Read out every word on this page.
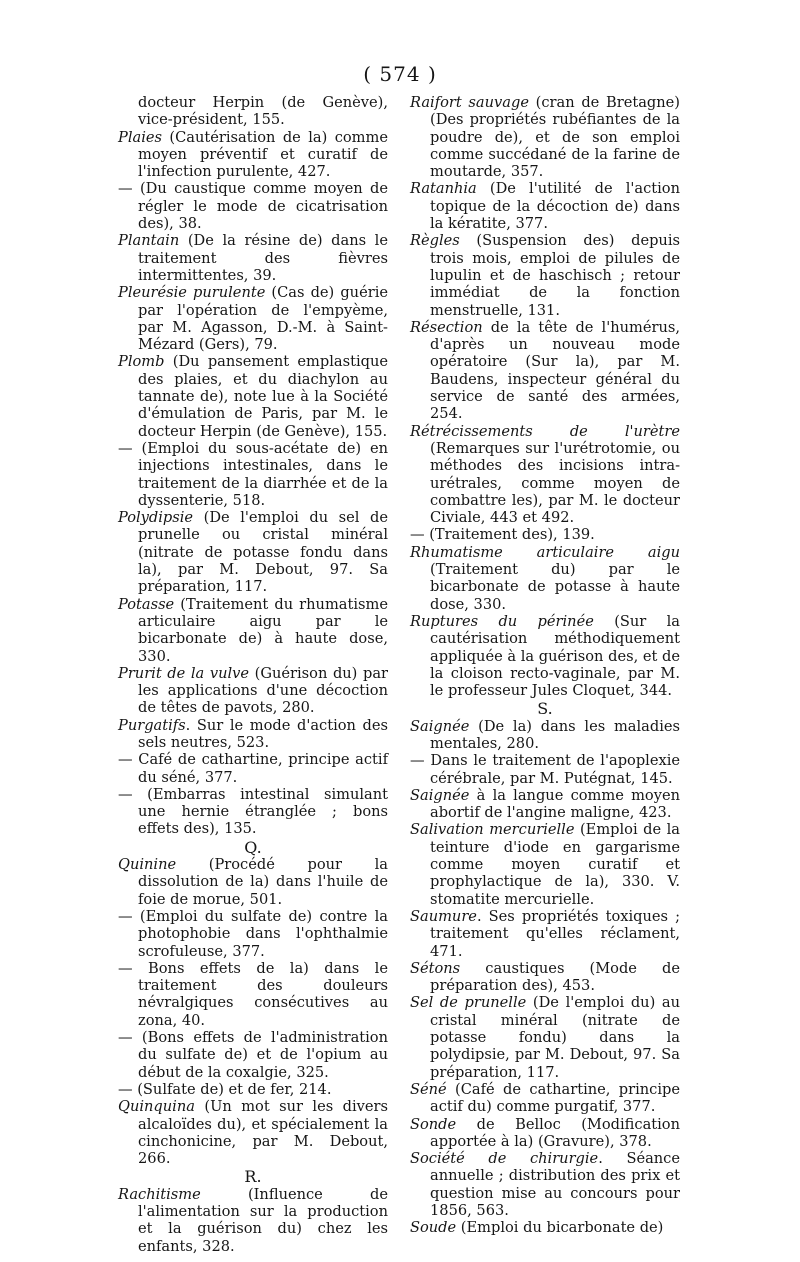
( 574 )

docteur Herpin (de Genève), vice-président, 155.

Plaies (Cautérisation de la) comme moyen préventif et curatif de l'infection purulente, 427.

— (Du caustique comme moyen de régler le mode de cicatrisation des), 38.

Plantain (De la résine de) dans le traitement des fièvres intermittentes, 39.

Pleurésie purulente (Cas de) guérie par l'opération de l'empyème, par M. Agasson, D.-M. à Saint-Mézard (Gers), 79.

Plomb (Du pansement emplastique des plaies, et du diachylon au tannate de), note lue à la Société d'émulation de Paris, par M. le docteur Herpin (de Genève), 155.

— (Emploi du sous-acétate de) en injections intestinales, dans le traitement de la diarrhée et de la dyssenterie, 518.

Polydipsie (De l'emploi du sel de prunelle ou cristal minéral (nitrate de potasse fondu dans la), par M. Debout, 97. Sa préparation, 117.

Potasse (Traitement du rhumatisme articulaire aigu par le bicarbonate de) à haute dose, 330.

Prurit de la vulve (Guérison du) par les applications d'une décoction de têtes de pavots, 280.

Purgatifs. Sur le mode d'action des sels neutres, 523.

— Café de cathartine, principe actif du séné, 377.

— (Embarras intestinal simulant une hernie étranglée ; bons effets des), 135.

Q.

Quinine (Procédé pour la dissolution de la) dans l'huile de foie de morue, 501.

— (Emploi du sulfate de) contre la photophobie dans l'ophthalmie scrofuleuse, 377.

— Bons effets de la) dans le traitement des douleurs névralgiques consécutives au zona, 40.

— (Bons effets de l'administration du sulfate de) et de l'opium au début de la coxalgie, 325.

— (Sulfate de) et de fer, 214.

Quinquina (Un mot sur les divers alcaloïdes du), et spécialement la cinchonicine, par M. Debout, 266.

R.

Rachitisme (Influence de l'alimentation sur la production et la guérison du) chez les enfants, 328.

Raifort sauvage (cran de Bretagne) (Des propriétés rubéfiantes de la poudre de), et de son emploi comme succédané de la farine de moutarde, 357.

Ratanhia (De l'utilité de l'action topique de la décoction de) dans la kératite, 377.

Règles (Suspension des) depuis trois mois, emploi de pilules de lupulin et de haschisch ; retour immédiat de la fonction menstruelle, 131.

Résection de la tête de l'humérus, d'après un nouveau mode opératoire (Sur la), par M. Baudens, inspecteur général du service de santé des armées, 254.

Rétrécissements de l'urètre (Remarques sur l'urétrotomie, ou méthodes des incisions intra-urétrales, comme moyen de combattre les), par M. le docteur Civiale, 443 et 492.

— (Traitement des), 139.

Rhumatisme articulaire aigu (Traitement du) par le bicarbonate de potasse à haute dose, 330.

Ruptures du périnée (Sur la cautérisation méthodiquement appliquée à la guérison des, et de la cloison recto-vaginale, par M. le professeur Jules Cloquet, 344.

S.

Saignée (De la) dans les maladies mentales, 280.

— Dans le traitement de l'apoplexie cérébrale, par M. Putégnat, 145.

Saignée à la langue comme moyen abortif de l'angine maligne, 423.

Salivation mercurielle (Emploi de la teinture d'iode en gargarisme comme moyen curatif et prophylactique de la), 330. V. stomatite mercurielle.

Saumure. Ses propriétés toxiques ; traitement qu'elles réclament, 471.

Sétons caustiques (Mode de préparation des), 453.

Sel de prunelle (De l'emploi du) au cristal minéral (nitrate de potasse fondu) dans la polydipsie, par M. Debout, 97. Sa préparation, 117.

Séné (Café de cathartine, principe actif du) comme purgatif, 377.

Sonde de Belloc (Modification apportée à la) (Gravure), 378.

Société de chirurgie. Séance annuelle ; distribution des prix et question mise au concours pour 1856, 563.

Soude (Emploi du bicarbonate de)
